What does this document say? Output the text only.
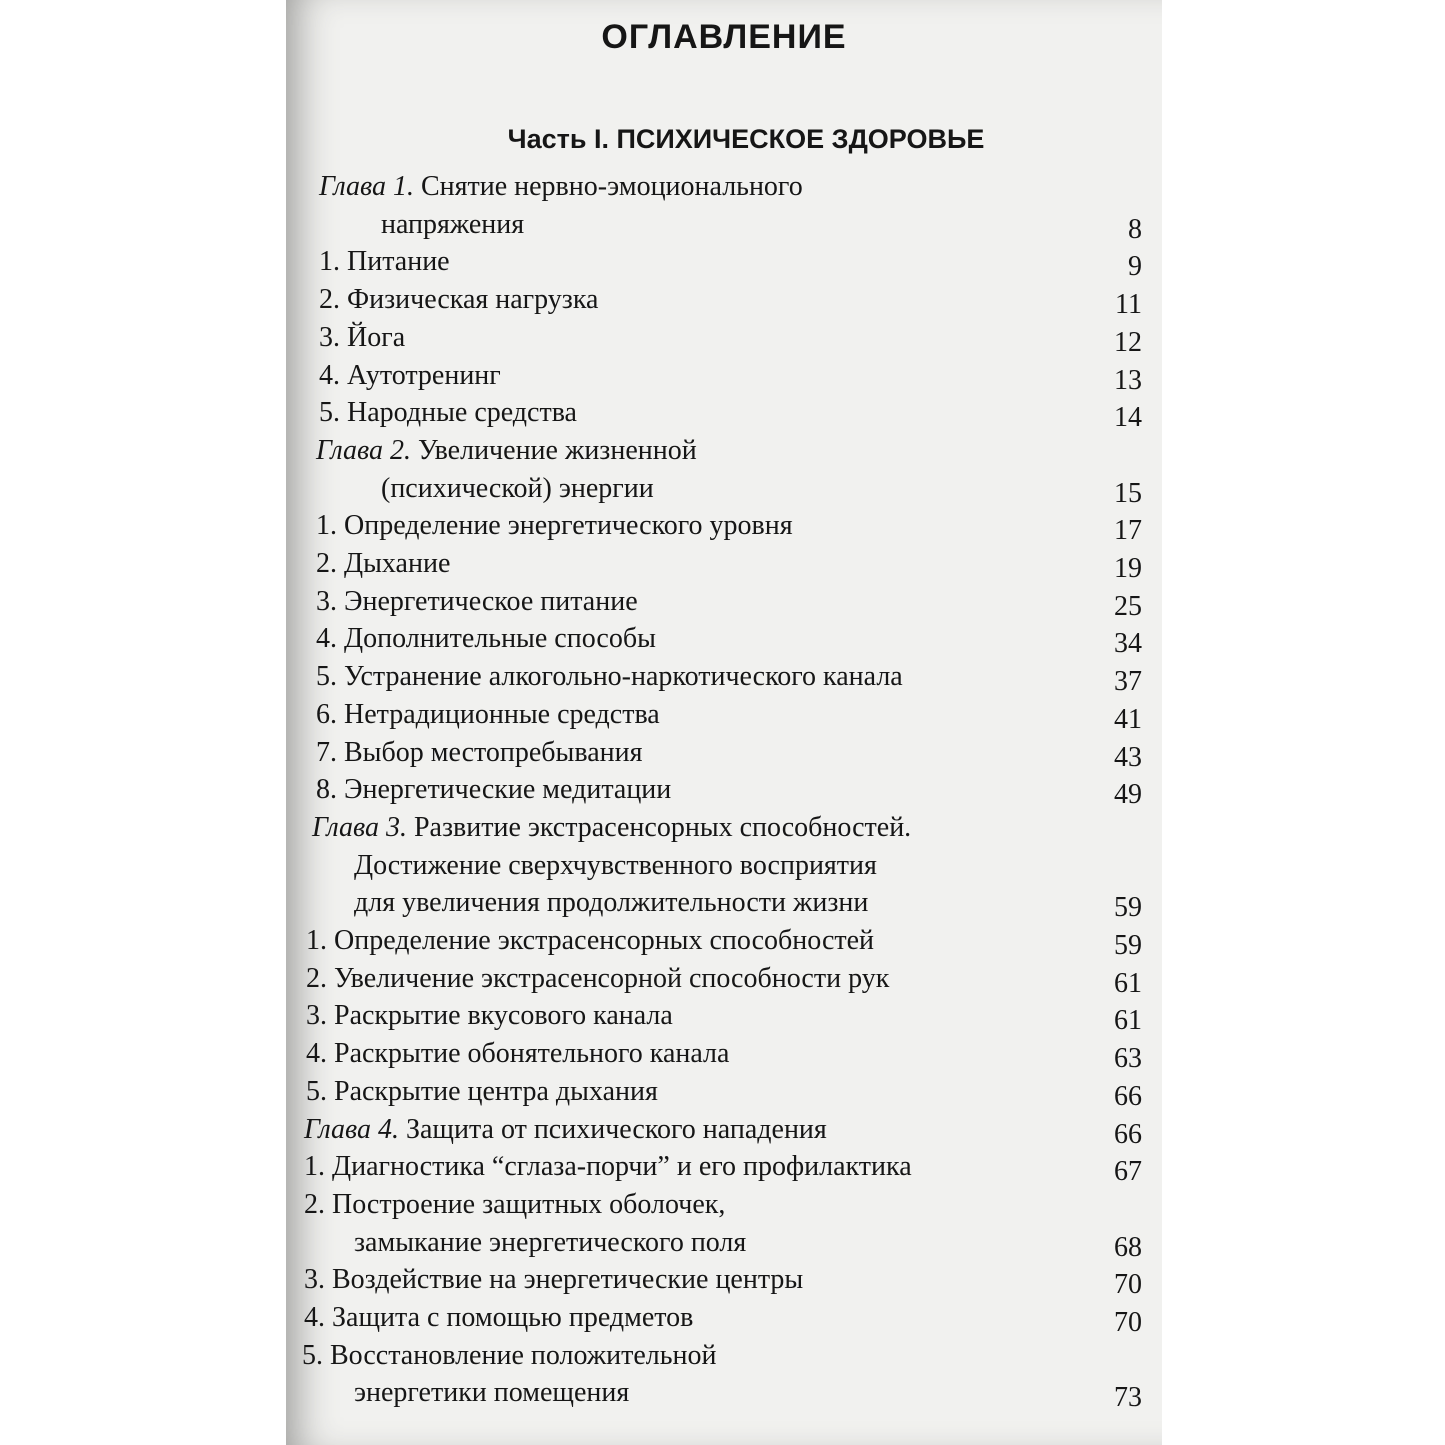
ОГЛАВЛЕНИЕ
Часть I. ПСИХИЧЕСКОЕ ЗДОРОВЬЕ
Глава 1. Снятие нервно-эмоционального
напряжения	8
1. Питание	9
2. Физическая нагрузка	11
3. Йога	12
4. Аутотренинг	13
5. Народные средства	14
Глава 2. Увеличение жизненной
(психической) энергии	15
1. Определение энергетического уровня	17
2. Дыхание	19
3. Энергетическое питание	25
4. Дополнительные способы	34
5. Устранение алкогольно-наркотического канала	37
6. Нетрадиционные средства	41
7. Выбор местопребывания	43
8. Энергетические медитации	49
Глава 3. Развитие экстрасенсорных способностей.
Достижение сверхчувственного восприятия
для увеличения продолжительности жизни	59
1. Определение экстрасенсорных способностей	59
2. Увеличение экстрасенсорной способности рук	61
3. Раскрытие вкусового канала	61
4. Раскрытие обонятельного канала	63
5. Раскрытие центра дыхания	66
Глава 4. Защита от психического нападения	66
1. Диагностика “сглаза-порчи” и его профилактика	67
2. Построение защитных оболочек,
замыкание энергетического поля	68
3. Воздействие на энергетические центры	70
4. Защита с помощью предметов	70
5. Восстановление положительной
энергетики помещения	73
